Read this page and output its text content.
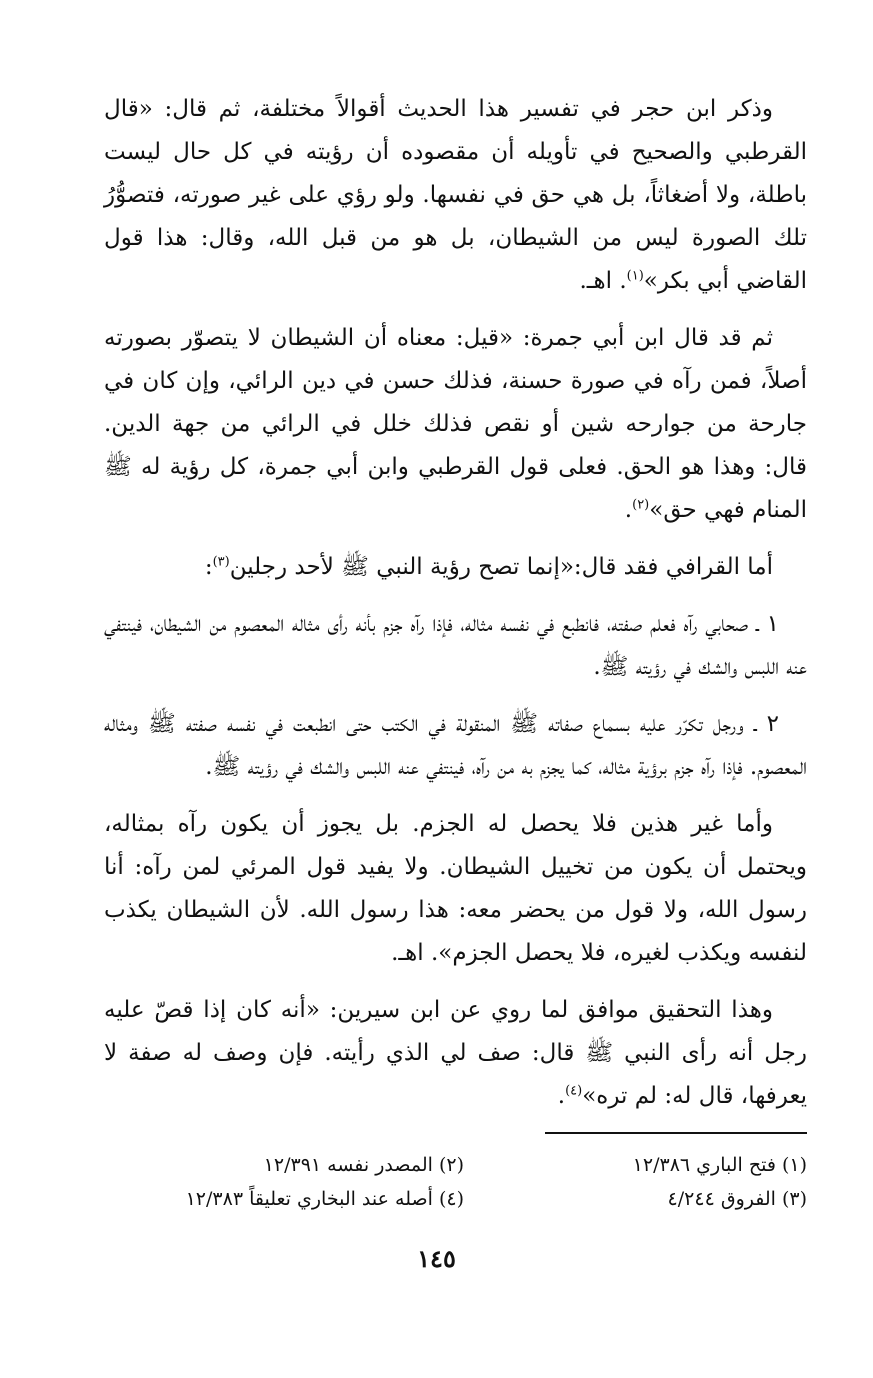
وذكر ابن حجر في تفسير هذا الحديث أقوالاً مختلفة، ثم قال: «قال القرطبي والصحيح في تأويله أن مقصوده أن رؤيته في كل حال ليست باطلة، ولا أضغاثاً، بل هي حق في نفسها. ولو رؤي على غير صورته، فتصوُّرُ تلك الصورة ليس من الشيطان، بل هو من قبل الله، وقال: هذا قول القاضي أبي بكر»$^{(١)}$. اهـ.

ثم قد قال ابن أبي جمرة: «قيل: معناه أن الشيطان لا يتصوّر بصورته أصلاً، فمن رآه في صورة حسنة، فذلك حسن في دين الرائي، وإن كان في جارحة من جوارحه شين أو نقص فذلك خلل في الرائي من جهة الدين. قال: وهذا هو الحق. فعلى قول القرطبي وابن أبي جمرة، كل رؤية له ﷺ المنام فهي حق»$^{(٢)}$.

أما القرافي فقد قال:«إنما تصح رؤية النبي ﷺ لأحد رجلين$^{(٣)}$:

١ ـ صحابي رآه فعلم صفته، فانطبع في نفسه مثاله، فإذا رآه جزم بأنه رأى مثاله المعصوم من الشيطان، فينتفي عنه اللبس والشك في رؤيته ﷺ.

٢ ـ ورجل تكرّر عليه بسماع صفاته ﷺ المنقولة في الكتب حتى انطبعت في نفسه صفته ﷺ ومثاله المعصوم. فإذا رآه جزم برؤية مثاله، كما يجزم به من رآه، فينتفي عنه اللبس والشك في رؤيته ﷺ.

وأما غير هذين فلا يحصل له الجزم. بل يجوز أن يكون رآه بمثاله، ويحتمل أن يكون من تخييل الشيطان. ولا يفيد قول المرئي لمن رآه: أنا رسول الله، ولا قول من يحضر معه: هذا رسول الله. لأن الشيطان يكذب لنفسه ويكذب لغيره، فلا يحصل الجزم». اهـ.

وهذا التحقيق موافق لما روي عن ابن سيرين: «أنه كان إذا قصّ عليه رجل أنه رأى النبي ﷺ قال: صف لي الذي رأيته. فإن وصف له صفة لا يعرفها، قال له: لم تره»$^{(٤)}$.

(١) فتح الباري ١٢/٣٨٦
(٢) المصدر نفسه ١٢/٣٩١
(٣) الفروق ٤/٢٤٤
(٤) أصله عند البخاري تعليقاً ١٢/٣٨٣
١٤٥
